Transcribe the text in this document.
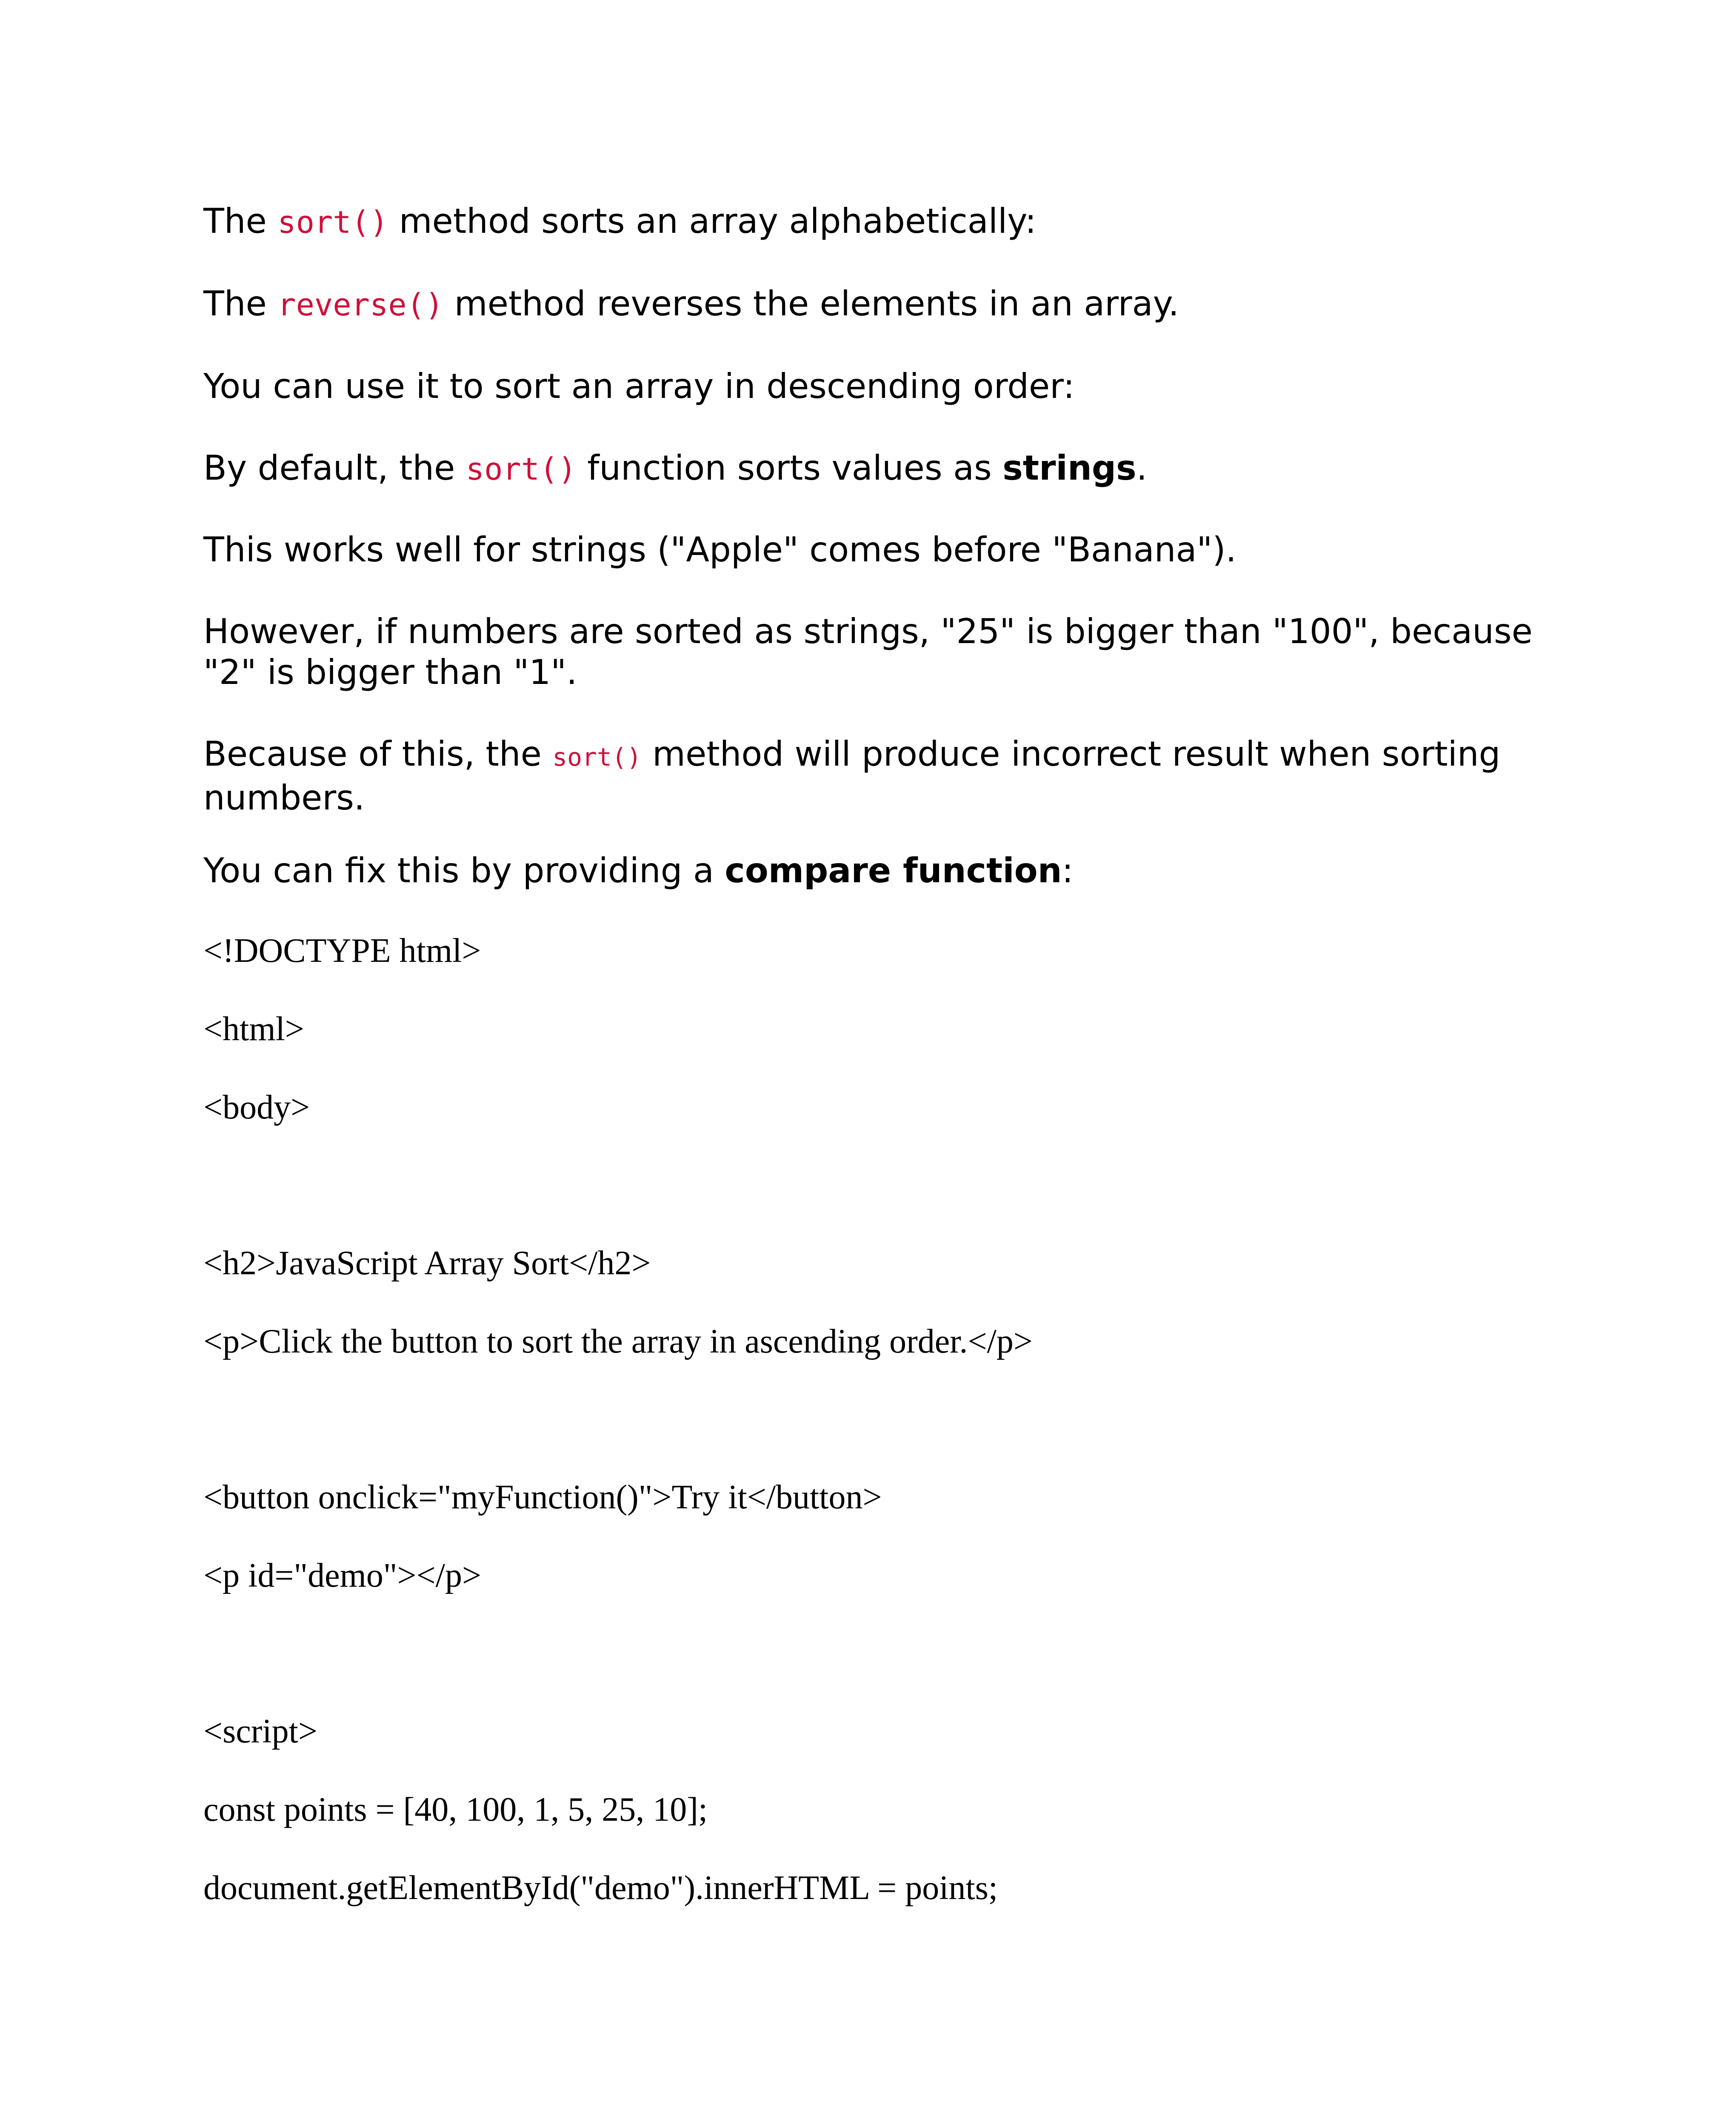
The sort() method sorts an array alphabetically:

The reverse() method reverses the elements in an array.

You can use it to sort an array in descending order:

By default, the sort() function sorts values as strings.

This works well for strings ("Apple" comes before "Banana").

However, if numbers are sorted as strings, "25" is bigger than "100", because "2" is bigger than "1".

Because of this, the sort() method will produce incorrect result when sorting numbers.

You can fix this by providing a compare function:

<!DOCTYPE html>

<html>

<body>

<h2>JavaScript Array Sort</h2>

<p>Click the button to sort the array in ascending order.</p>

<button onclick="myFunction()">Try it</button>

<p id="demo"></p>

<script>

const points = [40, 100, 1, 5, 25, 10];

document.getElementById("demo").innerHTML = points;
